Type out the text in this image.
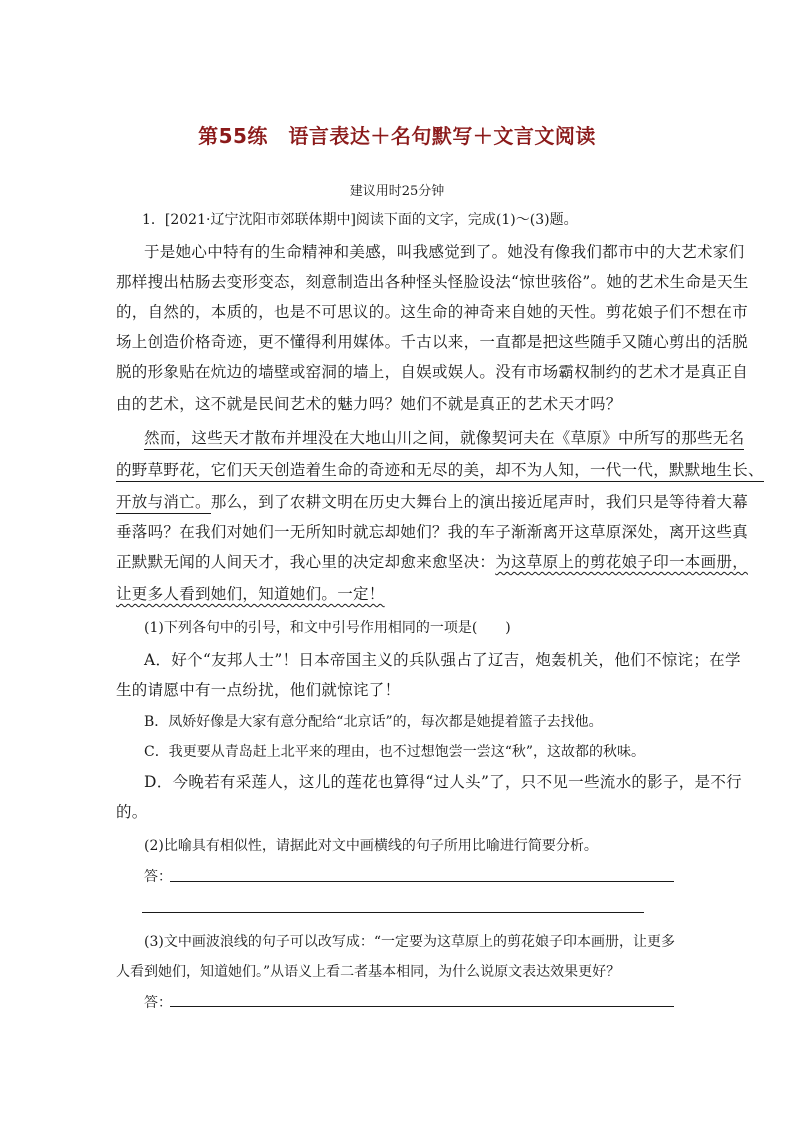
第55练　语言表达＋名句默写＋文言文阅读
建议用时25分钟
1．[2021·辽宁沈阳市郊联体期中]阅读下面的文字，完成(1)～(3)题。
于是她心中特有的生命精神和美感，叫我感觉到了。她没有像我们都市中的大艺术家们
那样搜出枯肠去变形变态，刻意制造出各种怪头怪脸设法“惊世骇俗”。她的艺术生命是天生
的，自然的，本质的，也是不可思议的。这生命的神奇来自她的天性。剪花娘子们不想在市
场上创造价格奇迹，更不懂得利用媒体。千古以来，一直都是把这些随手又随心剪出的活脱
脱的形象贴在炕边的墙壁或窑洞的墙上，自娱或娱人。没有市场霸权制约的艺术才是真正自
由的艺术，这不就是民间艺术的魅力吗？她们不就是真正的艺术天才吗？
然而，这些天才散布并埋没在大地山川之间，就像契诃夫在《草原》中所写的那些无名
的野草野花，它们天天创造着生命的奇迹和无尽的美，却不为人知，一代一代，默默地生长、
开放与消亡。那么，到了农耕文明在历史大舞台上的演出接近尾声时，我们只是等待着大幕
垂落吗？在我们对她们一无所知时就忘却她们？我的车子渐渐离开这草原深处，离开这些真
正默默无闻的人间天才，我心里的决定却愈来愈坚决：为这草原上的剪花娘子印一本画册，
让更多人看到她们，知道她们。一定！
(1)下列各句中的引号，和文中引号作用相同的一项是(　　)
A．好个“友邦人士”！日本帝国主义的兵队强占了辽吉，炮轰机关，他们不惊诧；在学
生的请愿中有一点纷扰，他们就惊诧了！
B．凤娇好像是大家有意分配给“北京话”的，每次都是她提着篮子去找他。
C．我更要从青岛赶上北平来的理由，也不过想饱尝一尝这“秋”，这故都的秋味。
D．今晚若有采莲人，这儿的莲花也算得“过人头”了，只不见一些流水的影子，是不行
的。
(2)比喻具有相似性，请据此对文中画横线的句子所用比喻进行简要分析。
答：
(3)文中画波浪线的句子可以改写成：“一定要为这草原上的剪花娘子印本画册，让更多
人看到她们，知道她们。”从语义上看二者基本相同，为什么说原文表达效果更好？
答：
